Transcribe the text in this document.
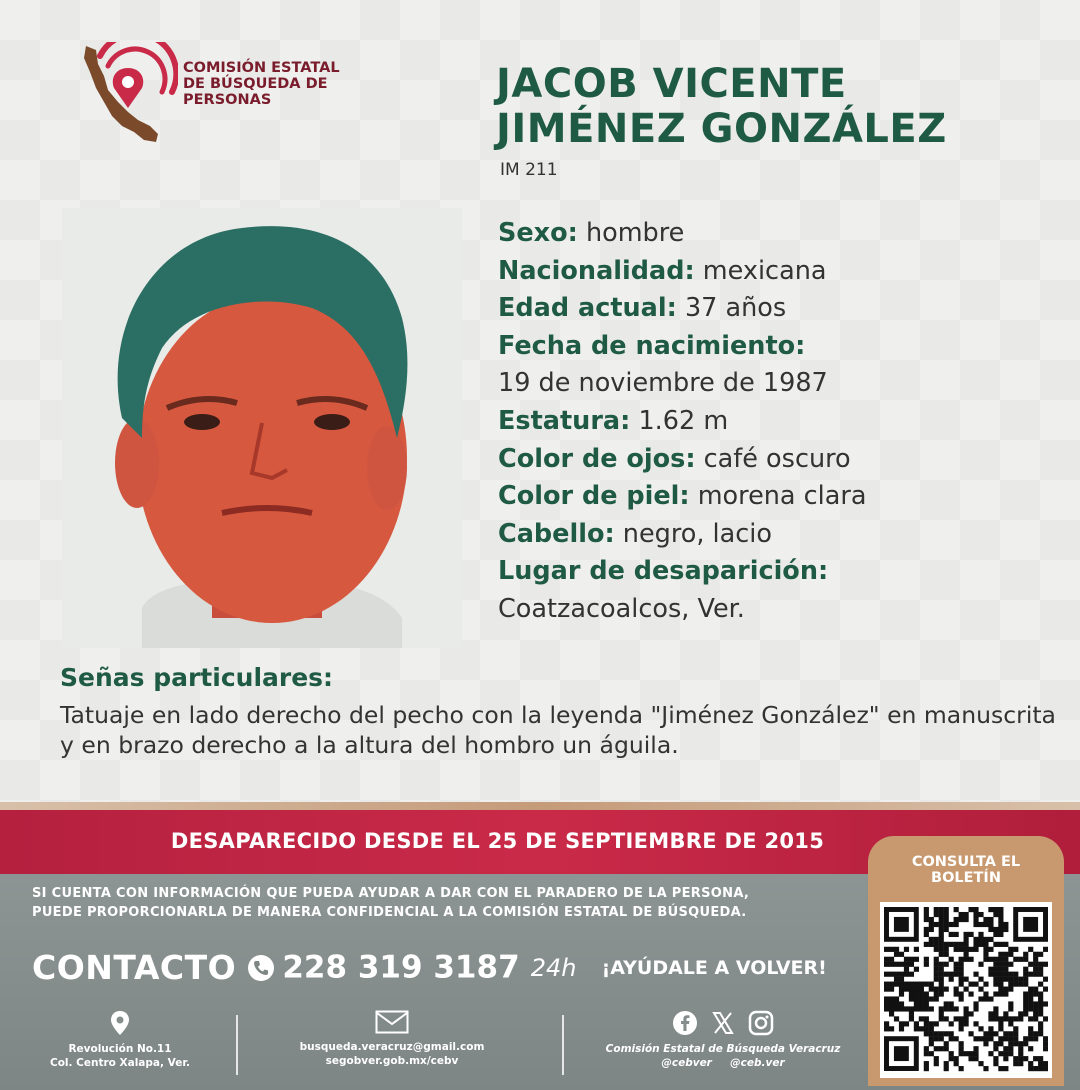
COMISIÓN ESTATAL
DE BÚSQUEDA DE
PERSONAS	JACOB VICENTE
JIMÉNEZ GONZÁLEZ
IM 211
Sexo: hombre
Nacionalidad: mexicana
Edad actual: 37 años
Fecha de nacimiento:
19 de noviembre de 1987
Estatura: 1.62 m
Color de ojos: café oscuro
Color de piel: morena clara
Cabello: negro, lacio
Lugar de desaparición:
Coatzacoalcos, Ver.
Señas particulares:
Tatuaje en lado derecho del pecho con la leyenda "Jiménez González" en manuscrita y en brazo derecho a la altura del hombro un águila.
DESAPARECIDO DESDE EL 25 DE SEPTIEMBRE DE 2015
SI CUENTA CON INFORMACIÓN QUE PUEDA AYUDAR A DAR CON EL PARADERO DE LA PERSONA,
PUEDE PROPORCIONARLA DE MANERA CONFIDENCIAL A LA COMISIÓN ESTATAL DE BÚSQUEDA.
CONTACTO 228 319 3187 24h ¡AYÚDALE A VOLVER!
Revolución No.11
Col. Centro Xalapa, Ver.
busqueda.veracruz@gmail.com
segobver.gob.mx/cebv

Comisión Estatal de Búsqueda Veracruz
@cebver     @ceb.ver
CONSULTA EL
BOLETÍN
